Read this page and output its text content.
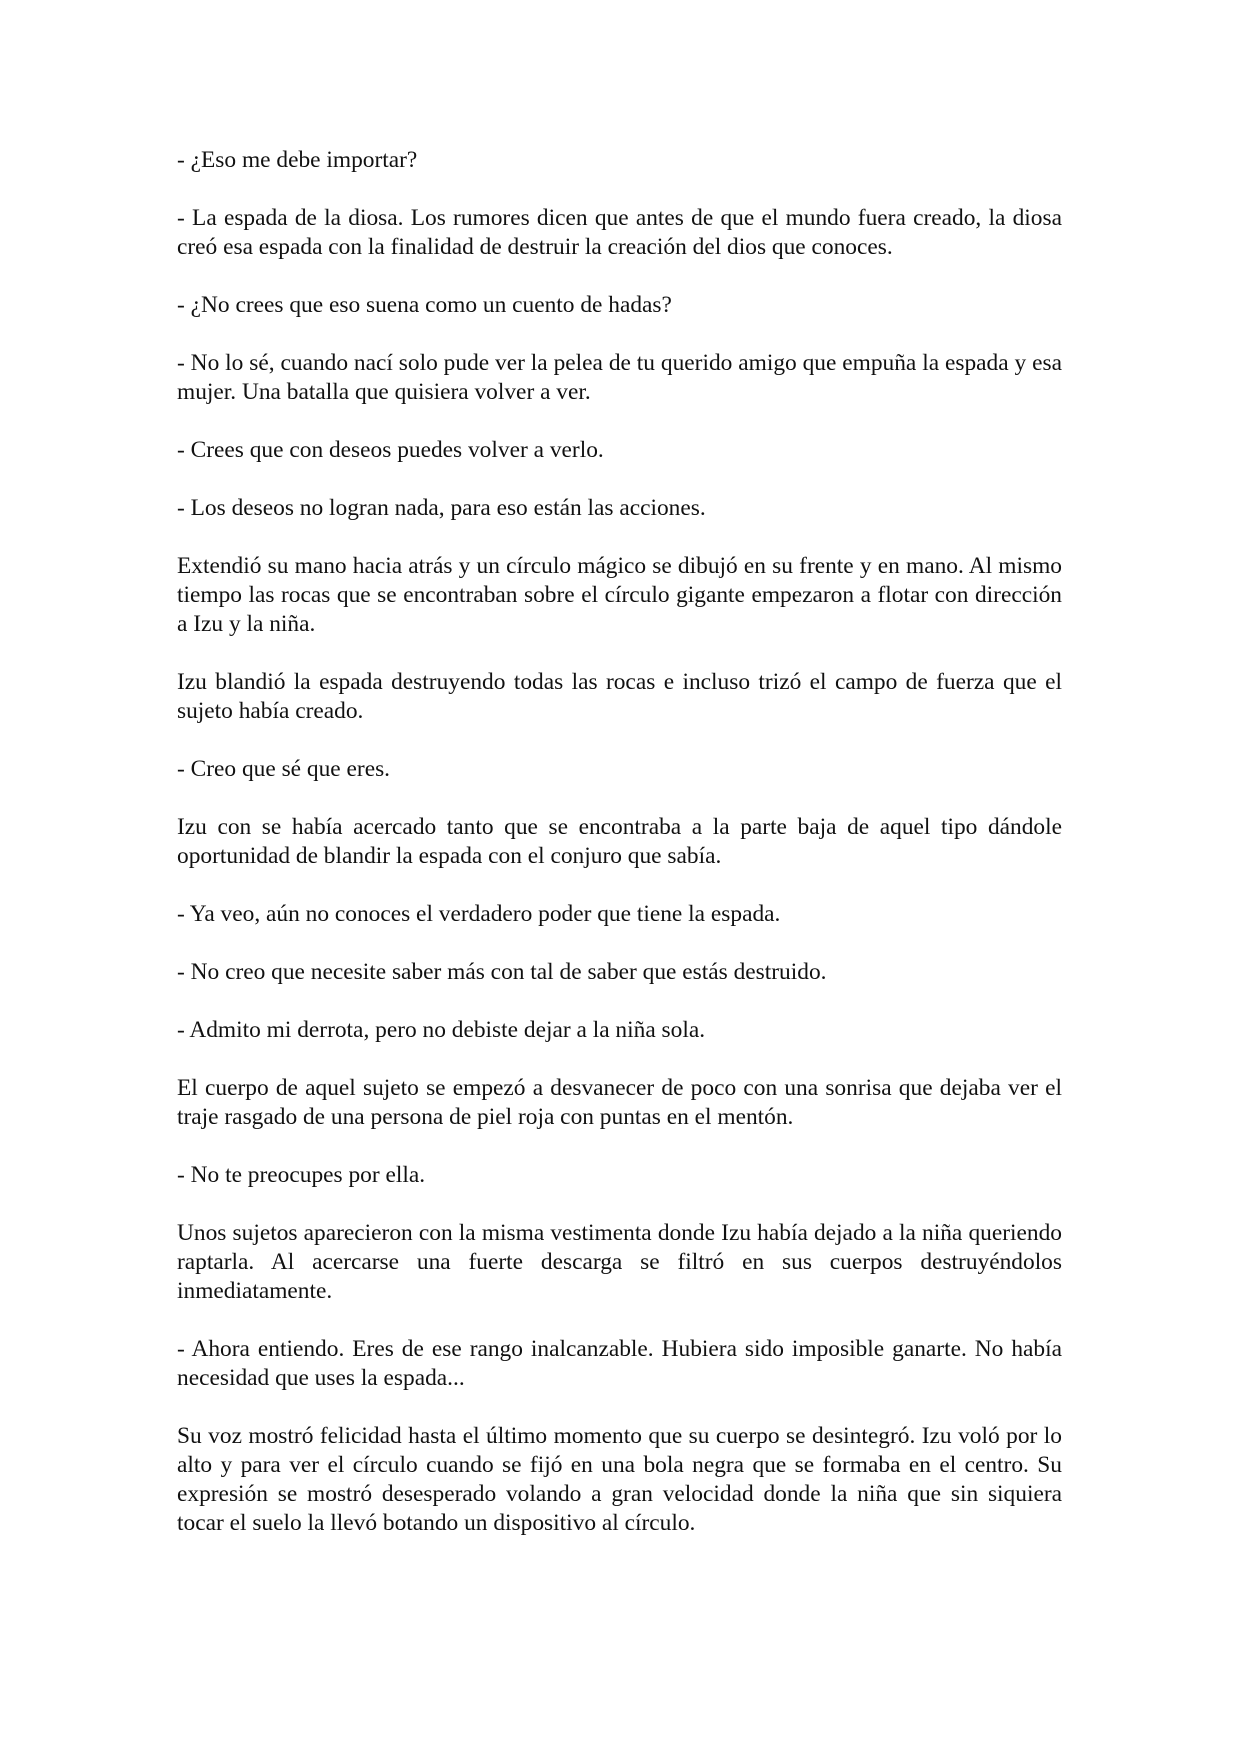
- ¿Eso me debe importar?

- La espada de la diosa. Los rumores dicen que antes de que el mundo fuera creado, la diosa creó esa espada con la finalidad de destruir la creación del dios que conoces.

- ¿No crees que eso suena como un cuento de hadas?

- No lo sé, cuando nací solo pude ver la pelea de tu querido amigo que empuña la espada y esa mujer. Una batalla que quisiera volver a ver.

- Crees que con deseos puedes volver a verlo.

- Los deseos no logran nada, para eso están las acciones.

Extendió su mano hacia atrás y un círculo mágico se dibujó en su frente y en mano. Al mismo tiempo las rocas que se encontraban sobre el círculo gigante empezaron a flotar con dirección a Izu y la niña.

Izu blandió la espada destruyendo todas las rocas e incluso trizó el campo de fuerza que el sujeto había creado.

- Creo que sé que eres.

Izu con se había acercado tanto que se encontraba a la parte baja de aquel tipo dándole oportunidad de blandir la espada con el conjuro que sabía.

- Ya veo, aún no conoces el verdadero poder que tiene la espada.

- No creo que necesite saber más con tal de saber que estás destruido.

- Admito mi derrota, pero no debiste dejar a la niña sola.

El cuerpo de aquel sujeto se empezó a desvanecer de poco con una sonrisa que dejaba ver el traje rasgado de una persona de piel roja con puntas en el mentón.

- No te preocupes por ella.

Unos sujetos aparecieron con la misma vestimenta donde Izu había dejado a la niña queriendo raptarla. Al acercarse una fuerte descarga se filtró en sus cuerpos destruyéndolos inmediatamente.

- Ahora entiendo. Eres de ese rango inalcanzable. Hubiera sido imposible ganarte. No había necesidad que uses la espada...

Su voz mostró felicidad hasta el último momento que su cuerpo se desintegró. Izu voló por lo alto y para ver el círculo cuando se fijó en una bola negra que se formaba en el centro. Su expresión se mostró desesperado volando a gran velocidad donde la niña que sin siquiera tocar el suelo la llevó botando un dispositivo al círculo.
